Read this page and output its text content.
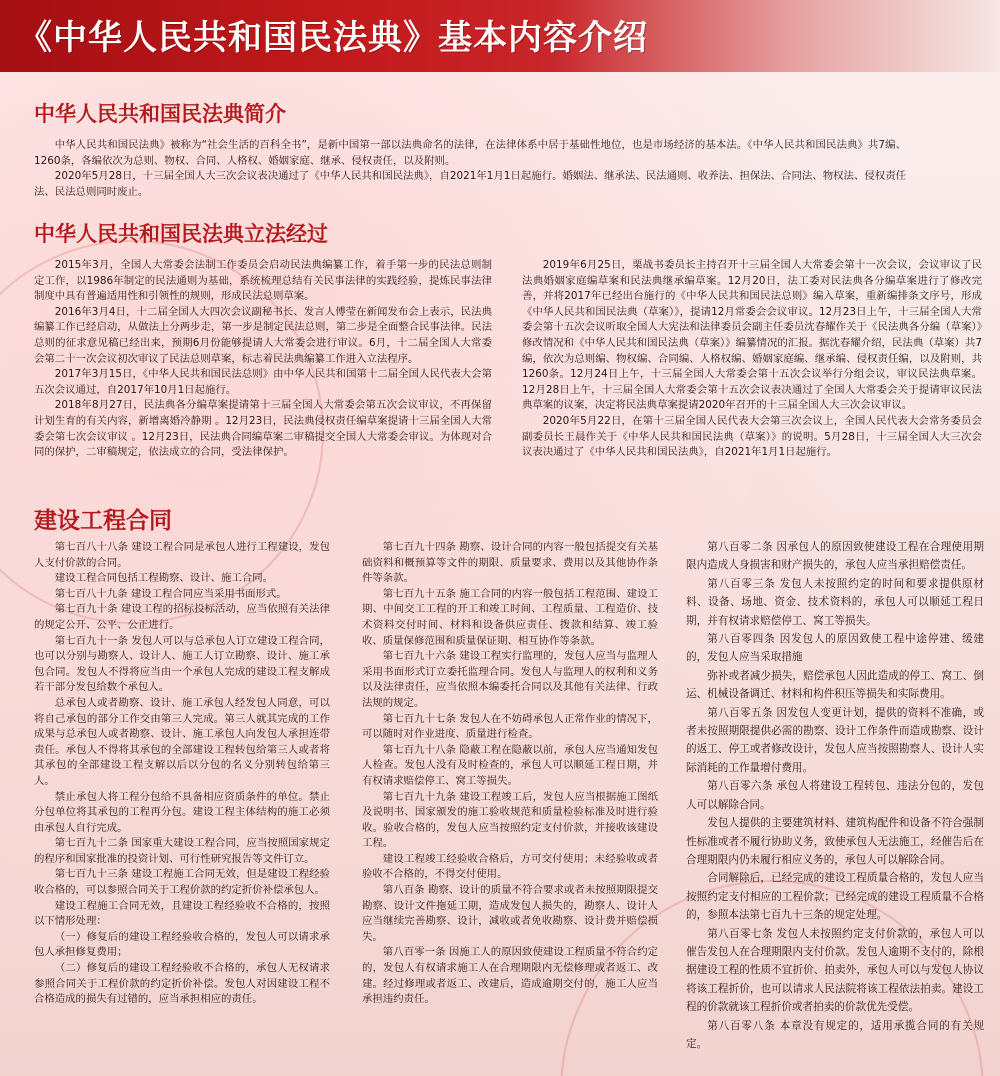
《中华人民共和国民法典》基本内容介绍
中华人民共和国民法典简介

中华人民共和国民法典》被称为“社会生活的百科全书”，是新中国第一部以法典命名的法律，在法律体系中居于基础性地位，也是市场经济的基本法。《中华人民共和国民法典》共7编、1260条，各编依次为总则、物权、合同、人格权、婚姻家庭、继承、侵权责任，以及附则。

2020年5月28日，十三届全国人大三次会议表决通过了《中华人民共和国民法典》，自2021年1月1日起施行。婚姻法、继承法、民法通则、收养法、担保法、合同法、物权法、侵权责任法、民法总则同时废止。

中华人民共和国民法典立法经过

2015年3月，全国人大常委会法制工作委员会启动民法典编纂工作，着手第一步的民法总则制定工作，以1986年制定的民法通则为基础，系统梳理总结有关民事法律的实践经验，提炼民事法律制度中具有普遍适用性和引领性的规则，形成民法总则草案。

2016年3月4日，十二届全国人大四次会议副秘书长、发言人傅莹在新闻发布会上表示，民法典编纂工作已经启动，从做法上分两步走，第一步是制定民法总则，第二步是全面整合民事法律。民法总则的征求意见稿已经出来，预期6月份能够提请人大常委会进行审议。6月，十二届全国人大常委会第二十一次会议初次审议了民法总则草案，标志着民法典编纂工作进入立法程序。

2017年3月15日，《中华人民共和国民法总则》由中华人民共和国第十二届全国人民代表大会第五次会议通过，自2017年10月1日起施行。

2018年8月27日，民法典各分编草案提请第十三届全国人大常委会第五次会议审议，不再保留计划生育的有关内容，新增离婚冷静期 。12月23日，民法典侵权责任编草案提请十三届全国人大常委会第七次会议审议 。12月23日，民法典合同编草案二审稿提交全国人大常委会审议。为体现对合同的保护，二审稿规定，依法成立的合同，受法律保护。

2019年6月25日，栗战书委员长主持召开十三届全国人大常委会第十一次会议，会议审议了民法典婚姻家庭编草案和民法典继承编草案。12月20日，法工委对民法典各分编草案进行了修改完善，并将2017年已经出台施行的《中华人民共和国民法总则》编入草案，重新编排条文序号，形成《中华人民共和国民法典（草案）》，提请12月常委会会议审议。12月23日上午，十三届全国人大常委会第十五次会议听取全国人大宪法和法律委员会副主任委员沈春耀作关于《民法典各分编（草案）》修改情况和《中华人民共和国民法典（草案）》编纂情况的汇报。据沈春耀介绍，民法典（草案）共7编，依次为总则编、物权编、合同编、人格权编、婚姻家庭编、继承编、侵权责任编，以及附则，共1260条。12月24日上午，十三届全国人大常委会第十五次会议举行分组会议，审议民法典草案。12月28日上午，十三届全国人大常委会第十五次会议表决通过了全国人大常委会关于提请审议民法典草案的议案，决定将民法典草案提请2020年召开的十三届全国人大三次会议审议。

2020年5月22日，在第十三届全国人民代表大会第三次会议上，全国人民代表大会常务委员会副委员长王晨作关于《中华人民共和国民法典（草案）》的说明。5月28日，十三届全国人大三次会议表决通过了《中华人民共和国民法典》，自2021年1月1日起施行。

建设工程合同

第七百八十八条 建设工程合同是承包人进行工程建设，发包人支付价款的合同。

建设工程合同包括工程勘察、设计、施工合同。

第七百八十九条 建设工程合同应当采用书面形式。

第七百九十条 建设工程的招标投标活动，应当依照有关法律的规定公开、公平、公正进行。

第七百九十一条 发包人可以与总承包人订立建设工程合同，也可以分别与勘察人、设计人、施工人订立勘察、设计、施工承包合同。发包人不得将应当由一个承包人完成的建设工程支解成若干部分发包给数个承包人。

总承包人或者勘察、设计、施工承包人经发包人同意，可以将自己承包的部分工作交由第三人完成。第三人就其完成的工作成果与总承包人或者勘察、设计、施工承包人向发包人承担连带责任。承包人不得将其承包的全部建设工程转包给第三人或者将其承包的全部建设工程支解以后以分包的名义分别转包给第三人。

禁止承包人将工程分包给不具备相应资质条件的单位。禁止分包单位将其承包的工程再分包。建设工程主体结构的施工必须由承包人自行完成。

第七百九十二条 国家重大建设工程合同，应当按照国家规定的程序和国家批准的投资计划、可行性研究报告等文件订立。

第七百九十三条 建设工程施工合同无效，但是建设工程经验收合格的，可以参照合同关于工程价款的约定折价补偿承包人。

建设工程施工合同无效，且建设工程经验收不合格的，按照以下情形处理：

（一）修复后的建设工程经验收合格的，发包人可以请求承包人承担修复费用；

（二）修复后的建设工程经验收不合格的，承包人无权请求参照合同关于工程价款的约定折价补偿。发包人对因建设工程不合格造成的损失有过错的，应当承担相应的责任。

第七百九十四条 勘察、设计合同的内容一般包括提交有关基础资料和概预算等文件的期限、质量要求、费用以及其他协作条件等条款。

第七百九十五条 施工合同的内容一般包括工程范围、建设工期、中间交工工程的开工和竣工时间、工程质量、工程造价、技术资料交付时间、材料和设备供应责任、拨款和结算、竣工验收、质量保修范围和质量保证期、相互协作等条款。

第七百九十六条 建设工程实行监理的，发包人应当与监理人采用书面形式订立委托监理合同。发包人与监理人的权利和义务以及法律责任，应当依照本编委托合同以及其他有关法律、行政法规的规定。

第七百九十七条 发包人在不妨碍承包人正常作业的情况下，可以随时对作业进度、质量进行检查。

第七百九十八条 隐蔽工程在隐蔽以前，承包人应当通知发包人检查。发包人没有及时检查的，承包人可以顺延工程日期，并有权请求赔偿停工、窝工等损失。

第七百九十九条 建设工程竣工后，发包人应当根据施工图纸及说明书、国家颁发的施工验收规范和质量检验标准及时进行验收。验收合格的，发包人应当按照约定支付价款，并接收该建设工程。

建设工程竣工经验收合格后，方可交付使用；未经验收或者验收不合格的，不得交付使用。

第八百条 勘察、设计的质量不符合要求或者未按照期限提交勘察、设计文件拖延工期，造成发包人损失的，勘察人、设计人应当继续完善勘察、设计，减收或者免收勘察、设计费并赔偿损失。

第八百零一条 因施工人的原因致使建设工程质量不符合约定的，发包人有权请求施工人在合理期限内无偿修理或者返工、改建。经过修理或者返工、改建后，造成逾期交付的，施工人应当承担违约责任。

第八百零二条 因承包人的原因致使建设工程在合理使用期限内造成人身损害和财产损失的，承包人应当承担赔偿责任。

第八百零三条 发包人未按照约定的时间和要求提供原材料、设备、场地、资金、技术资料的，承包人可以顺延工程日期，并有权请求赔偿停工、窝工等损失。

第八百零四条 因发包人的原因致使工程中途停建、缓建的，发包人应当采取措施

弥补或者减少损失，赔偿承包人因此造成的停工、窝工、倒运、机械设备调迁、材料和构件积压等损失和实际费用。

第八百零五条 因发包人变更计划，提供的资料不准确，或者未按照期限提供必需的勘察、设计工作条件而造成勘察、设计的返工、停工或者修改设计，发包人应当按照勘察人、设计人实际消耗的工作量增付费用。

第八百零六条 承包人将建设工程转包、违法分包的，发包人可以解除合同。

发包人提供的主要建筑材料、建筑构配件和设备不符合强制性标准或者不履行协助义务，致使承包人无法施工，经催告后在合理期限内仍未履行相应义务的，承包人可以解除合同。

合同解除后，已经完成的建设工程质量合格的，发包人应当按照约定支付相应的工程价款；已经完成的建设工程质量不合格的，参照本法第七百九十三条的规定处理。

第八百零七条 发包人未按照约定支付价款的，承包人可以催告发包人在合理期限内支付价款。发包人逾期不支付的，除根据建设工程的性质不宜折价、拍卖外，承包人可以与发包人协议将该工程折价，也可以请求人民法院将该工程依法拍卖。建设工程的价款就该工程折价或者拍卖的价款优先受偿。

第八百零八条 本章没有规定的，适用承揽合同的有关规定。
